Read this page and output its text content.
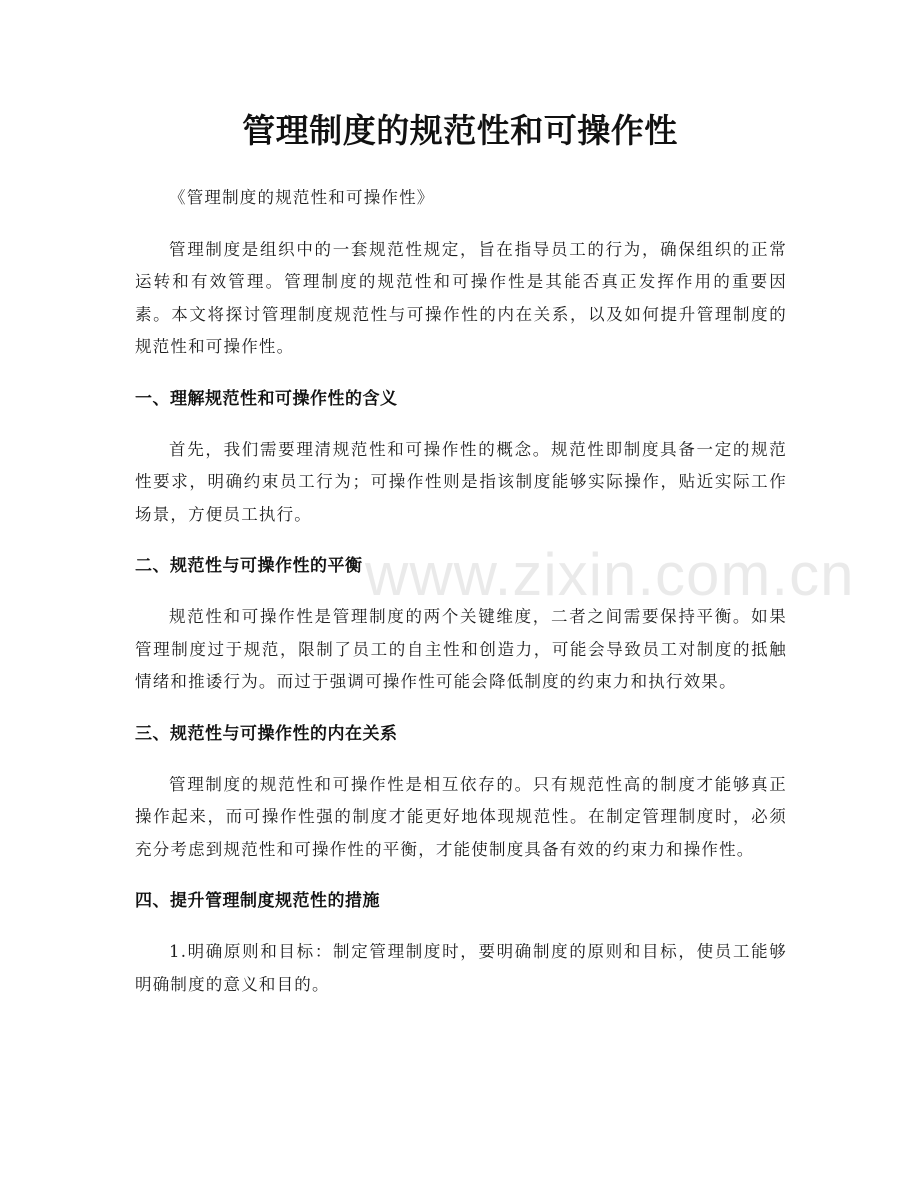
管理制度的规范性和可操作性

《管理制度的规范性和可操作性》

管理制度是组织中的一套规范性规定，旨在指导员工的行为，确保组织的正常运转和有效管理。管理制度的规范性和可操作性是其能否真正发挥作用的重要因素。本文将探讨管理制度规范性与可操作性的内在关系，以及如何提升管理制度的规范性和可操作性。

一、理解规范性和可操作性的含义

首先，我们需要理清规范性和可操作性的概念。规范性即制度具备一定的规范性要求，明确约束员工行为；可操作性则是指该制度能够实际操作，贴近实际工作场景，方便员工执行。

二、规范性与可操作性的平衡

规范性和可操作性是管理制度的两个关键维度，二者之间需要保持平衡。如果管理制度过于规范，限制了员工的自主性和创造力，可能会导致员工对制度的抵触情绪和推诿行为。而过于强调可操作性可能会降低制度的约束力和执行效果。

三、规范性与可操作性的内在关系

管理制度的规范性和可操作性是相互依存的。只有规范性高的制度才能够真正操作起来，而可操作性强的制度才能更好地体现规范性。在制定管理制度时，必须充分考虑到规范性和可操作性的平衡，才能使制度具备有效的约束力和操作性。

四、提升管理制度规范性的措施

1.明确原则和目标：制定管理制度时，要明确制度的原则和目标，使员工能够明确制度的意义和目的。

www.zixin.com.cn
